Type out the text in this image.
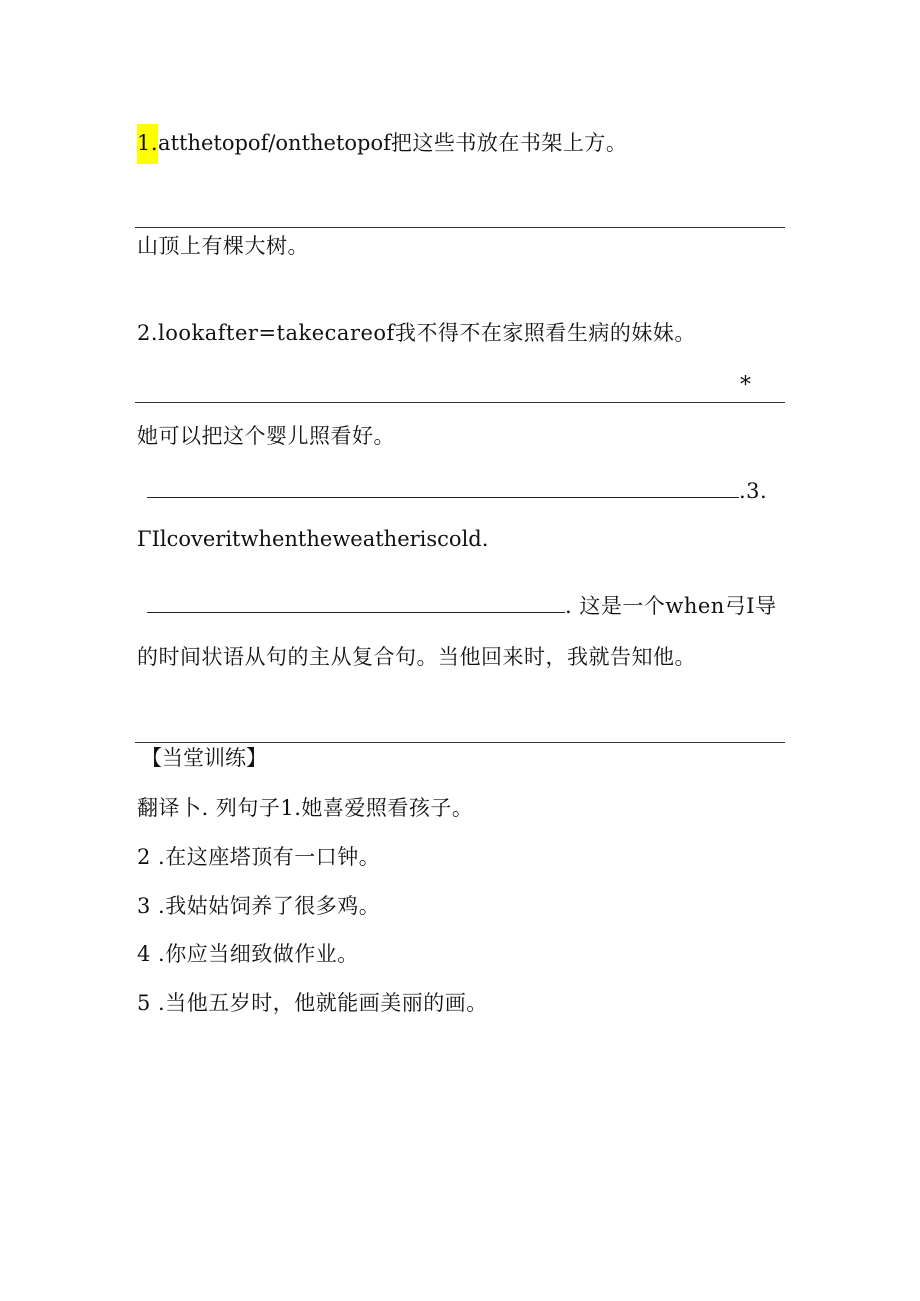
1.atthetopof/onthetopof把这些书放在书架上方。
山顶上有棵大树。
2.lookafter=takecareof我不得不在家照看生病的妹妹。
*
她可以把这个婴儿照看好。
.3.
ΓIlcoveritwhentheweatheriscold.
. 这是一个when弓I导
的时间状语从句的主从复合句。当他回来时，我就告知他。
【当堂训练】
翻译卜. 列句子1.她喜爱照看孩子。
2 .在这座塔顶有一口钟。
3 .我姑姑饲养了很多鸡。
4 .你应当细致做作业。
5 .当他五岁时，他就能画美丽的画。
